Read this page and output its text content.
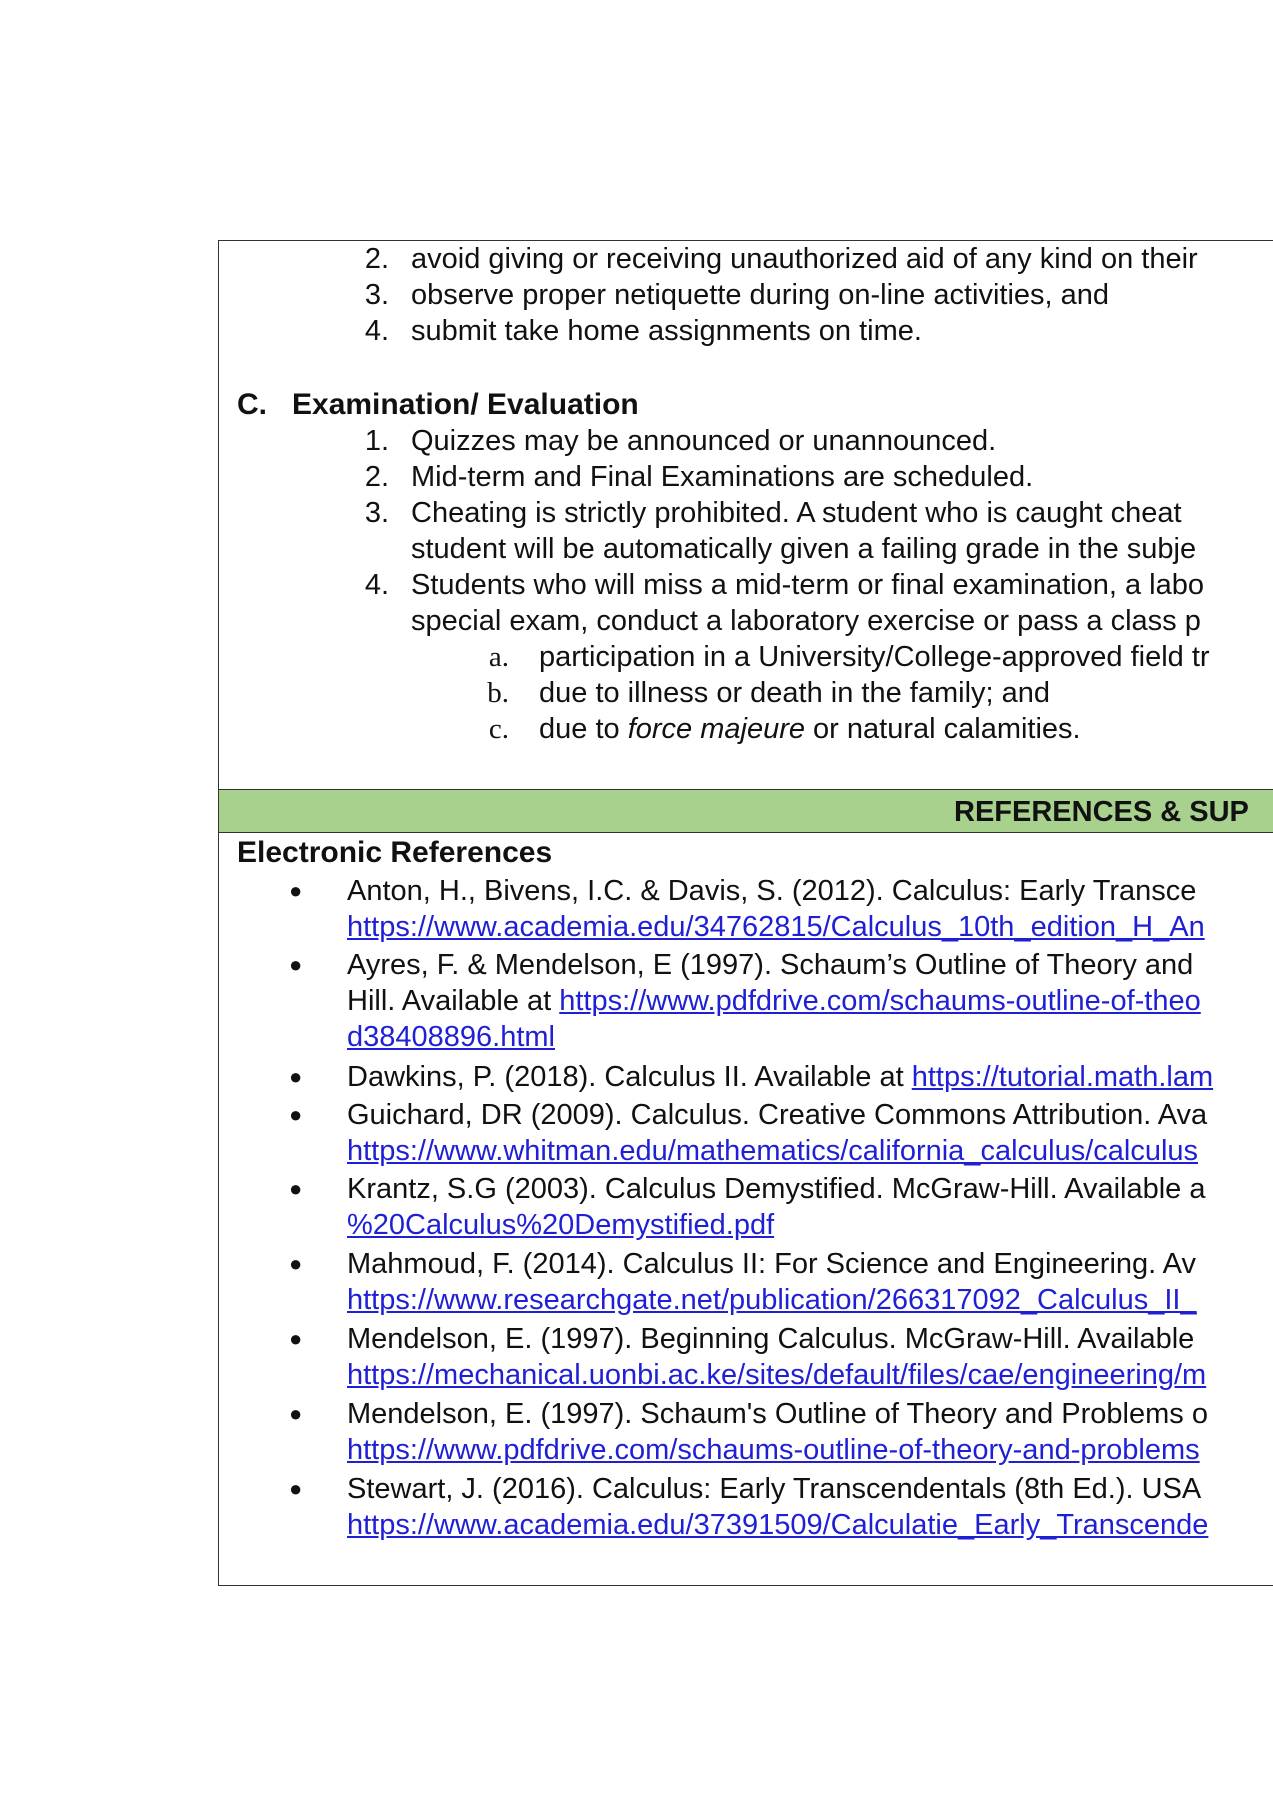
2. avoid giving or receiving unauthorized aid of any kind on their
3. observe proper netiquette during on-line activities, and
4. submit take home assignments on time.
C. Examination/ Evaluation
1. Quizzes may be announced or unannounced.
2. Mid-term and Final Examinations are scheduled.
3. Cheating is strictly prohibited. A student who is caught cheat
student will be automatically given a failing grade in the subje
4. Students who will miss a mid-term or final examination, a labo
special exam, conduct a laboratory exercise or pass a class p
a. participation in a University/College-approved field tr
b. due to illness or death in the family; and
c. due to force majeure or natural calamities.
REFERENCES & SUP
Electronic References
● Anton, H., Bivens, I.C. & Davis, S. (2012). Calculus: Early Transce
https://www.academia.edu/34762815/Calculus_10th_edition_H_An
● Ayres, F. & Mendelson, E (1997). Schaum’s Outline of Theory and
Hill. Available at https://www.pdfdrive.com/schaums-outline-of-theo
d38408896.html
● Dawkins, P. (2018). Calculus II. Available at https://tutorial.math.lam
● Guichard, DR (2009). Calculus. Creative Commons Attribution. Ava
https://www.whitman.edu/mathematics/california_calculus/calculus
● Krantz, S.G (2003). Calculus Demystified. McGraw-Hill. Available a
%20Calculus%20Demystified.pdf
● Mahmoud, F. (2014). Calculus II: For Science and Engineering. Av
https://www.researchgate.net/publication/266317092_Calculus_II_
● Mendelson, E. (1997). Beginning Calculus. McGraw-Hill. Available
https://mechanical.uonbi.ac.ke/sites/default/files/cae/engineering/m
● Mendelson, E. (1997). Schaum's Outline of Theory and Problems o
https://www.pdfdrive.com/schaums-outline-of-theory-and-problems
● Stewart, J. (2016). Calculus: Early Transcendentals (8th Ed.). USA
https://www.academia.edu/37391509/Calculatie_Early_Transcende
